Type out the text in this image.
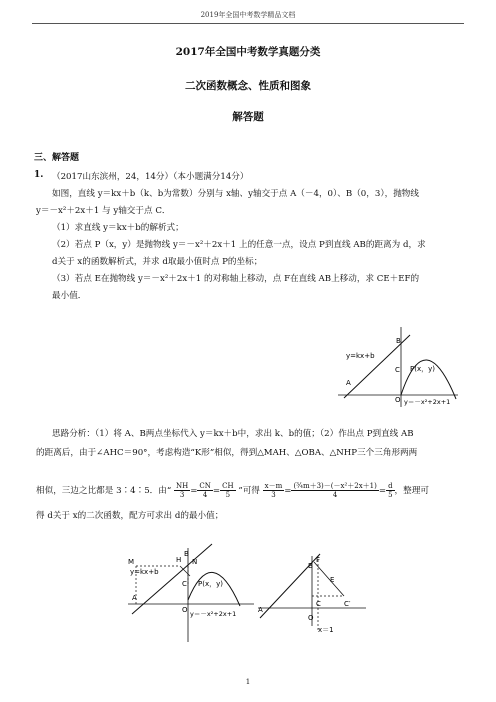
2019年全国中考数学精品文档
2017年全国中考数学真题分类
二次函数概念、性质和图象
解答题
三、解答题
1. （2017山东滨州，24，14分）（本小题满分14分）
如图，直线 y＝kx＋b（k、b为常数）分别与 x轴、y轴交于点 A（－4，0）、B（0，3），抛物线
y＝－x²＋2x＋1 与 y轴交于点 C．
（1）求直线 y＝kx＋b的解析式；
（2）若点 P（x，y）是抛物线 y＝－x²＋2x＋1 上的任意一点，设点 P到直线 AB的距离为 d，求
d关于 x的函数解析式，并求 d取最小值时点 P的坐标；
（3）若点 E在抛物线 y＝－x²＋2x＋1 的对称轴上移动，点 F在直线 AB上移动，求 CE＋EF的
最小值．
y=kx+b
B
C P(x，y)
A
O y＝－x²+2x+1
思路分析：（1）将 A、B两点坐标代入 y＝kx＋b中，求出 k、b的值；（2）作出点 P到直线 AB
的距离后，由于∠AHC＝90°，考虑构造“K形”相似，得到△MAH、△OBA、△NHP三个三角形两两
相似，三边之比都是 3∶4∶5．由“ $\frac{NH}{3} = \frac{CN}{4} = \frac{CH}{5}$ ”可得 $\frac{x-m}{3} = \frac{\text{(¾m＋3)－(－x²＋2x＋1)}}{4} = \frac{d}{5}$ ，整理可
得 d关于 x的二次函数，配方可求出 d的最小值；
M	H N
B
C P(x，y)
y=kx+b
A
O y＝－x²+2x+1
B
F
E
C	C′
A
O
x＝1
1
